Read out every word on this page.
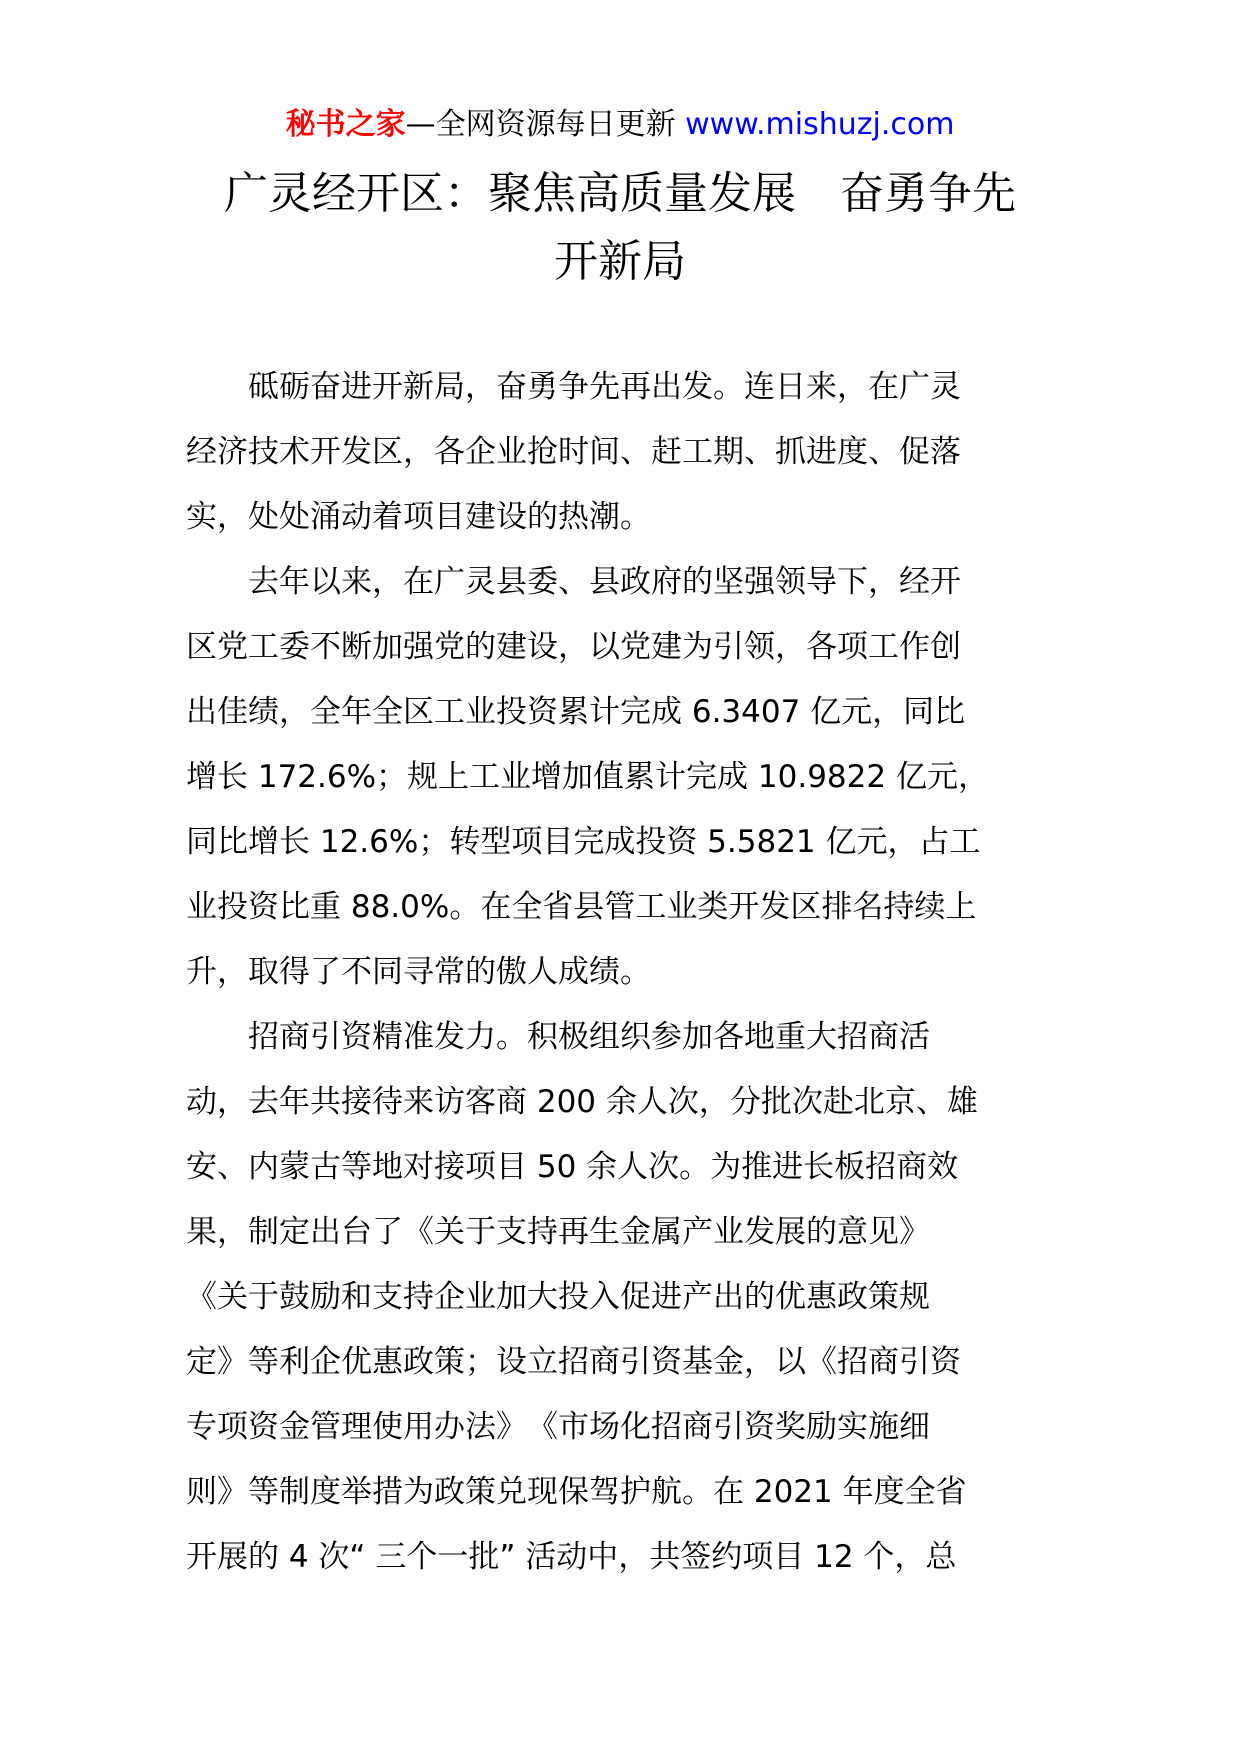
秘书之家—全网资源每日更新 www.mishuzj.com
广灵经开区：聚焦高质量发展　奋勇争先
开新局

　　砥砺奋进开新局，奋勇争先再出发。连日来，在广灵

经济技术开发区，各企业抢时间、赶工期、抓进度、促落

实，处处涌动着项目建设的热潮。

　　去年以来，在广灵县委、县政府的坚强领导下，经开

区党工委不断加强党的建设，以党建为引领，各项工作创

出佳绩，全年全区工业投资累计完成 6.3407 亿元，同比

增长 172.6%；规上工业增加值累计完成 10.9822 亿元，

同比增长 12.6%；转型项目完成投资 5.5821 亿元，占工

业投资比重 88.0%。在全省县管工业类开发区排名持续上

升，取得了不同寻常的傲人成绩。

　　招商引资精准发力。积极组织参加各地重大招商活

动，去年共接待来访客商 200 余人次，分批次赴北京、雄

安、内蒙古等地对接项目 50 余人次。为推进长板招商效

果，制定出台了《关于支持再生金属产业发展的意见》

《关于鼓励和支持企业加大投入促进产出的优惠政策规

定》等利企优惠政策；设立招商引资基金，以《招商引资

专项资金管理使用办法》　《市场化招商引资奖励实施细

则》等制度举措为政策兑现保驾护航。在 2021 年度全省

开展的 4 次“ 三个一批” 活动中，共签约项目 12 个，总
